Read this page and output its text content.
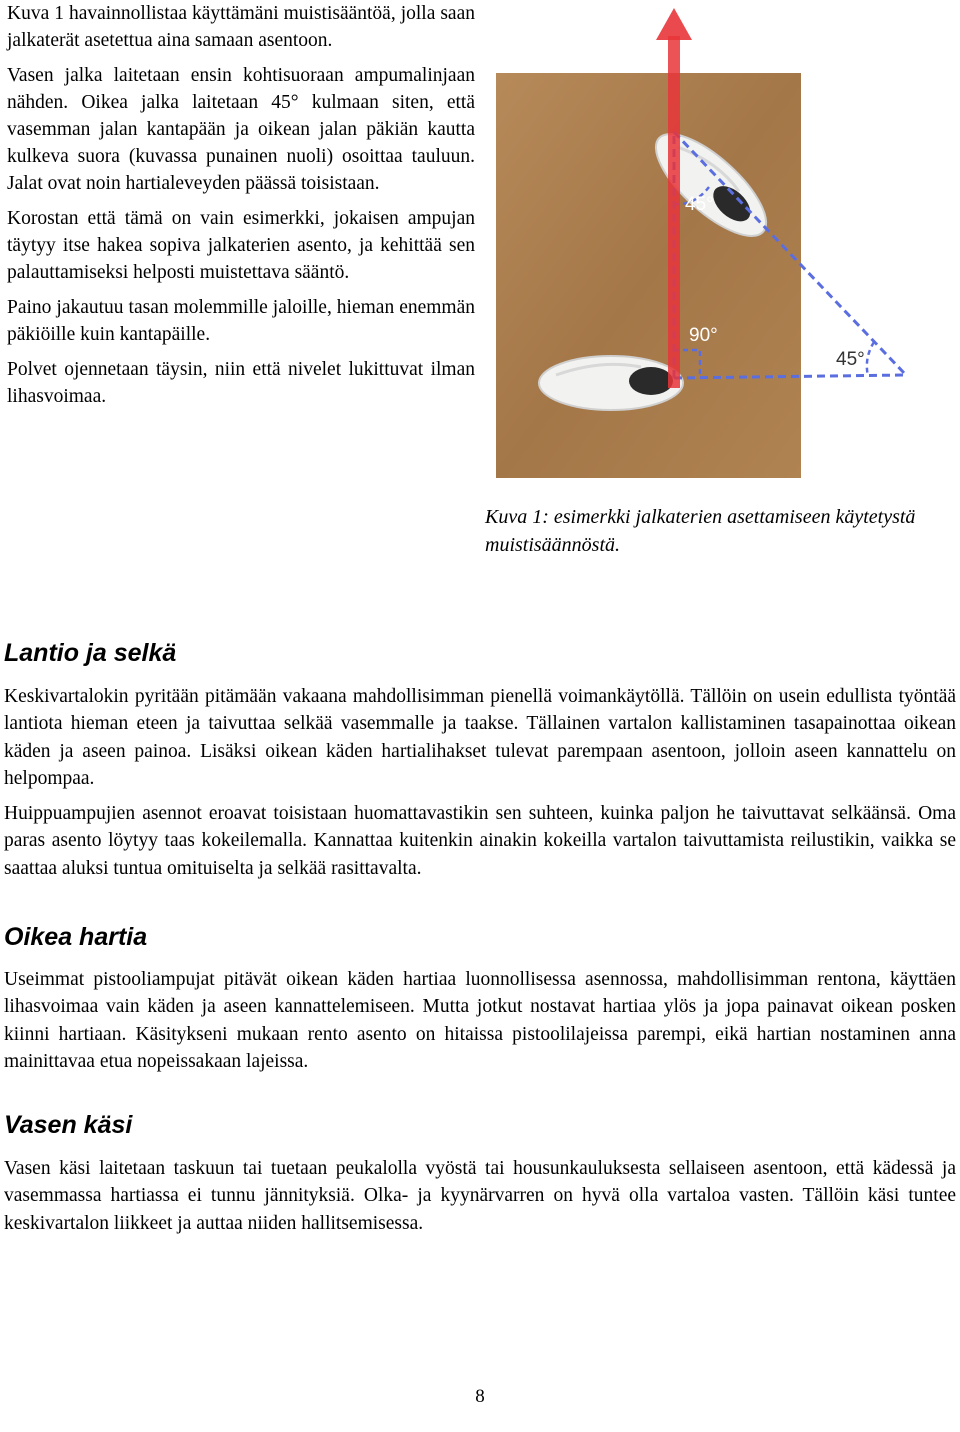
Kuva 1 havainnollistaa käyttämäni muistisääntöä, jolla saan jalkaterät asetettua aina samaan asentoon.

Vasen jalka laitetaan ensin kohtisuoraan ampumalinjaan nähden. Oikea jalka laitetaan 45° kulmaan siten, että vasemman jalan kantapään ja oikean jalan päkiän kautta kulkeva suora (kuvassa punainen nuoli) osoittaa tauluun. Jalat ovat noin hartialeveyden päässä toisistaan.

Korostan että tämä on vain esimerkki, jokaisen ampujan täytyy itse hakea sopiva jalkaterien asento, ja kehittää sen palauttamiseksi helposti muistettava sääntö.

Paino jakautuu tasan molemmille jaloille, hieman enemmän päkiöille kuin kantapäille.

Polvet ojennetaan täysin, niin että nivelet lukittuvat ilman lihasvoimaa.

45°
90°
45°
Kuva 1: esimerkki jalkaterien asettamiseen käytetystä muistisäännöstä.
Lantio ja selkä

Keskivartalokin pyritään pitämään vakaana mahdollisimman pienellä voimankäytöllä. Tällöin on usein edullista työntää lantiota hieman eteen ja taivuttaa selkää vasemmalle ja taakse. Tällainen vartalon kallistaminen tasapainottaa oikean käden ja aseen painoa. Lisäksi oikean käden hartialihakset tulevat parempaan asentoon, jolloin aseen kannattelu on helpompaa.

Huippuampujien asennot eroavat toisistaan huomattavastikin sen suhteen, kuinka paljon he taivuttavat selkäänsä. Oma paras asento löytyy taas kokeilemalla. Kannattaa kuitenkin ainakin kokeilla vartalon taivuttamista reilustikin, vaikka se saattaa aluksi tuntua omituiselta ja selkää rasittavalta.

Oikea hartia

Useimmat pistooliampujat pitävät oikean käden hartiaa luonnollisessa asennossa, mahdollisimman rentona, käyttäen lihasvoimaa vain käden ja aseen kannattelemiseen. Mutta jotkut nostavat hartiaa ylös ja jopa painavat oikean posken kiinni hartiaan. Käsitykseni mukaan rento asento on hitaissa pistoolilajeissa parempi, eikä hartian nostaminen anna mainittavaa etua nopeissakaan lajeissa.

Vasen käsi

Vasen käsi laitetaan taskuun tai tuetaan peukalolla vyöstä tai housunkauluksesta sellaiseen asentoon, että kädessä ja vasemmassa hartiassa ei tunnu jännityksiä. Olka- ja kyynärvarren on hyvä olla vartaloa vasten. Tällöin käsi tuntee keskivartalon liikkeet ja auttaa niiden hallitsemisessa.

8
